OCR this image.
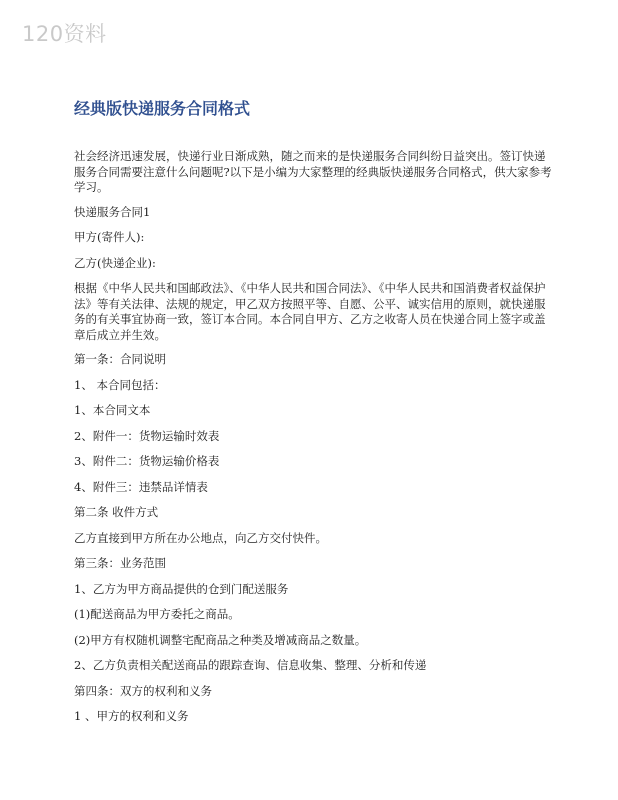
120资料
经典版快递服务合同格式

社会经济迅速发展，快递行业日渐成熟，随之而来的是快递服务合同纠纷日益突出。签订快递服务合同需要注意什么问题呢?以下是小编为大家整理的经典版快递服务合同格式，供大家参考学习。

快递服务合同1

甲方(寄件人):

乙方(快递企业):

根据《中华人民共和国邮政法》、《中华人民共和国合同法》、《中华人民共和国消费者权益保护法》等有关法律、法规的规定，甲乙双方按照平等、自愿、公平、诚实信用的原则，就快递服务的有关事宜协商一致，签订本合同。本合同自甲方、乙方之收寄人员在快递合同上签字或盖章后成立并生效。

第一条：合同说明

1、 本合同包括：

1、本合同文本

2、附件一：货物运输时效表

3、附件二：货物运输价格表

4、附件三：违禁品详情表

第二条 收件方式

乙方直接到甲方所在办公地点，向乙方交付快件。

第三条：业务范围

1、乙方为甲方商品提供的仓到门配送服务

(1)配送商品为甲方委托之商品。

(2)甲方有权随机调整宅配商品之种类及增减商品之数量。

2、乙方负责相关配送商品的跟踪查询、信息收集、整理、分析和传递

第四条：双方的权利和义务

1 、甲方的权利和义务
